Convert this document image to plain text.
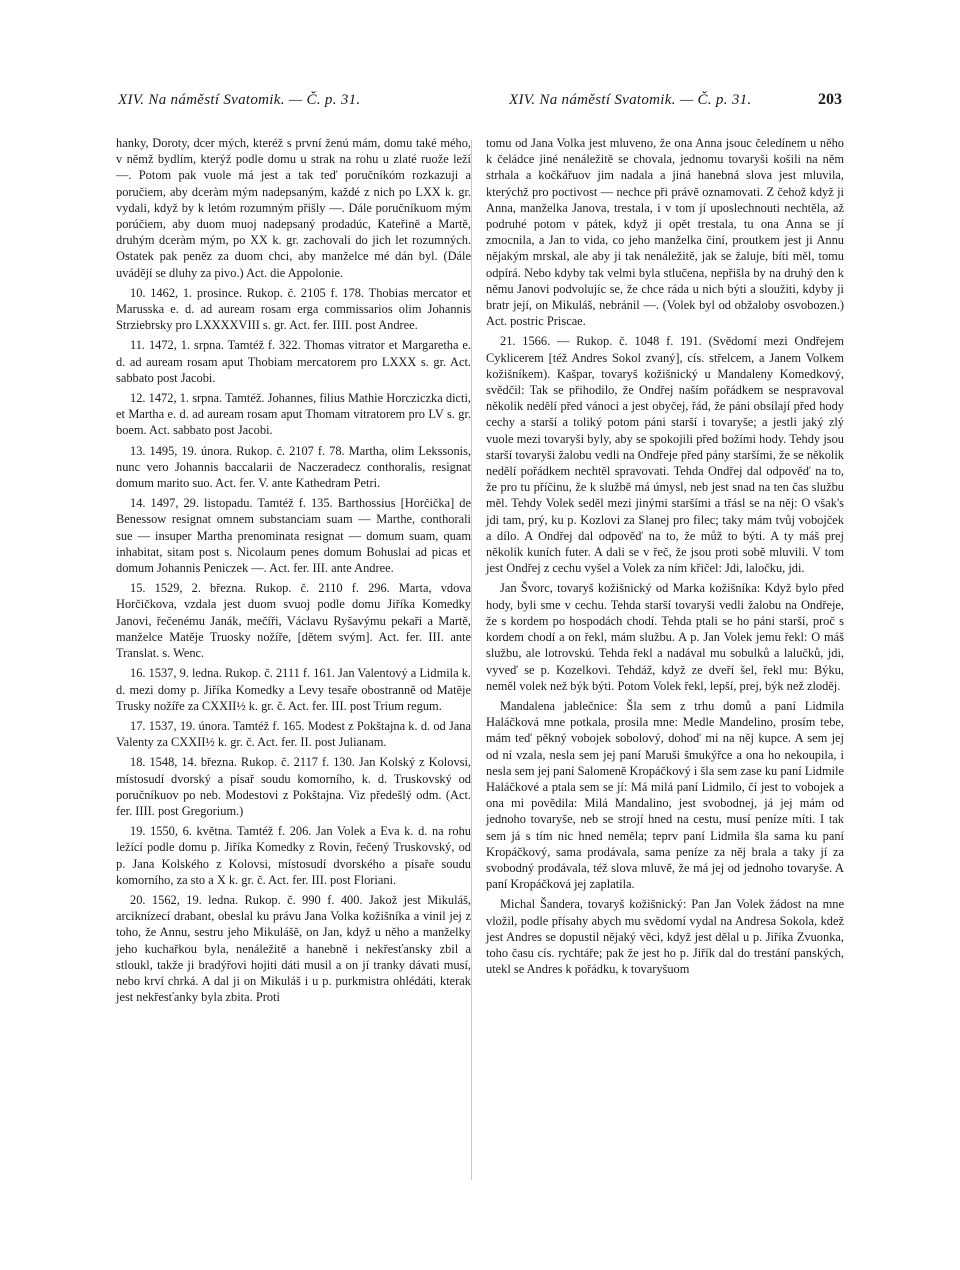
XIV. Na náměstí Svatomik. — Č. p. 31.	XIV. Na náměstí Svatomik. — Č. p. 31.	203

hanky, Doroty, dcer mých, kteréž s první ženú mám, domu také mého, v němž bydlím, kterýž podle domu u strak na rohu u zlaté ruože leží —. Potom pak vuole má jest a tak teď poručníkóm rozkazuji a poručiem, aby dceràm mým nadepsaným, každé z nich po LXX k. gr. vydali, když by k letóm rozumným přišly —. Dále poručníkuom mým porúčiem, aby duom muoj nadepsaný prodadúc, Kateřině a Martě, druhým dceràm mým, po XX k. gr. zachovali do jich let rozumných. Ostatek pak peněz za duom chci, aby manželce mé dán byl. (Dále uvádějí se dluhy za pivo.) Act. die Appolonie.

10. 1462, 1. prosince. Rukop. č. 2105 f. 178. Thobias mercator et Marusska e. d. ad auream rosam erga commissarios olim Johannis Strziebrsky pro LXXXXVIII s. gr. Act. fer. IIII. post Andree.

11. 1472, 1. srpna. Tamtéž f. 322. Thomas vitrator et Margaretha e. d. ad auream rosam aput Thobiam mercatorem pro LXXX s. gr. Act. sabbato post Jacobi.

12. 1472, 1. srpna. Tamtéž. Johannes, filius Mathie Horcziczka dicti, et Martha e. d. ad auream rosam aput Thomam vitratorem pro LV s. gr. boem. Act. sabbato post Jacobi.

13. 1495, 19. února. Rukop. č. 2107 f. 78. Martha, olim Lekssonis, nunc vero Johannis baccalarii de Naczeradecz conthoralis, resignat domum marito suo. Act. fer. V. ante Kathedram Petri.

14. 1497, 29. listopadu. Tamtéž f. 135. Barthossius [Horčička] de Benessow resignat omnem substanciam suam — Marthe, conthorali sue — insuper Martha prenominata resignat — domum suam, quam inhabitat, sitam post s. Nicolaum penes domum Bohuslai ad picas et domum Johannis Peniczek —. Act. fer. III. ante Andree.

15. 1529, 2. března. Rukop. č. 2110 f. 296. Marta, vdova Horčičkova, vzdala jest duom svuoj podle domu Jiříka Komedky Janovi, řečenému Janák, mečíři, Václavu Ryšavýmu pekaři a Martě, manželce Matěje Truosky nožíře, [dětem svým]. Act. fer. III. ante Translat. s. Wenc.

16. 1537, 9. ledna. Rukop. č. 2111 f. 161. Jan Valentový a Lidmila k. d. mezi domy p. Jiříka Komedky a Levy tesaře obostranně od Matěje Trusky nožíře za CXXII½ k. gr. č. Act. fer. III. post Trium regum.

17. 1537, 19. února. Tamtéž f. 165. Modest z Pokštajna k. d. od Jana Valenty za CXXII½ k. gr. č. Act. fer. II. post Julianam.

18. 1548, 14. března. Rukop. č. 2117 f. 130. Jan Kolský z Kolovsi, místosudí dvorský a písař soudu komorního, k. d. Truskovský od poručníkuov po neb. Modestovi z Pokštajna. Viz předešlý odm. (Act. fer. IIII. post Gregorium.)

19. 1550, 6. května. Tamtéž f. 206. Jan Volek a Eva k. d. na rohu ležící podle domu p. Jiříka Komedky z Rovin, řečený Truskovský, od p. Jana Kolského z Kolovsi, místosudí dvorského a písaře soudu komorního, za sto a X k. gr. č. Act. fer. III. post Floriani.

20. 1562, 19. ledna. Rukop. č. 990 f. 400. Jakož jest Mikuláš, arciknízecí drabant, obeslal ku právu Jana Volka kožišníka a vinil jej z toho, že Annu, sestru jeho Mikulášě, on Jan, když u něho a manželky jeho kuchařkou byla, nenáležitě a hanebně i nekřesťansky zbil a stloukl, takže ji bradýřovi hojiti dáti musil a on jí tranky dávati musí, nebo krví chrká. A dal ji on Mikuláš i u p. purkmistra ohlédáti, kterak jest nekřesťanky byla zbita. Proti

tomu od Jana Volka jest mluveno, že ona Anna jsouc čeledínem u něho k čeládce jiné nenáležitě se chovala, jednomu tovaryši košili na něm strhala a kočkářuov jim nadala a jiná hanebná slova jest mluvila, kterýchž pro poctivost — nechce při právě oznamovati. Z čehož když ji Anna, manželka Janova, trestala, i v tom jí uposlechnouti nechtěla, až podruhé potom v pátek, když ji opět trestala, tu ona Anna se jí zmocnila, a Jan to vida, co jeho manželka činí, proutkem jest ji Annu nějakým mrskal, ale aby ji tak nenáležitě, jak se žaluje, bíti měl, tomu odpírá. Nebo kdyby tak velmi byla stlučena, nepřišla by na druhý den k němu Janovi podvolujíc se, že chce ráda u nich býti a sloužiti, kdyby ji bratr její, on Mikuláš, nebránil —. (Volek byl od obžaloby osvobozen.) Act. postric Priscae.

21. 1566. — Rukop. č. 1048 f. 191. (Svědomí mezi Ondřejem Cyklicerem [též Andres Sokol zvaný], cís. střelcem, a Janem Volkem kožišníkem). Kašpar, tovaryš kožišnický u Mandaleny Komedkový, svědčil: Tak se přihodilo, že Ondřej naším pořádkem se nespravoval několik nedělí před vánoci a jest obyčej, řád, že páni obsílají před hody cechy a starší a toliký potom páni starší i tovaryše; a jestli jaký zlý vuole mezi tovaryši byly, aby se spokojili před božími hody. Tehdy jsou starší tovaryši žalobu vedli na Ondřeje před pány staršími, že se několik nedělí pořádkem nechtěl spravovati. Tehda Ondřej dal odpověď na to, že pro tu příčinu, že k službě má úmysl, neb jest snad na ten čas službu měl. Tehdy Volek seděl mezi jinými staršími a třásl se na něj: O však's jdi tam, prý, ku p. Kozlovi za Slanej pro filec; taky mám tvůj vobojček a dílo. A Ondřej dal odpověď na to, že můž to býti. A ty máš prej několik kuních futer. A dali se v řeč, že jsou proti sobě mluvili. V tom jest Ondřej z cechu vyšel a Volek za ním křičel: Jdi, laločku, jdi.

Jan Švorc, tovaryš kožišnický od Marka kožišníka: Když bylo před hody, byli sme v cechu. Tehda starší tovaryši vedli žalobu na Ondřeje, že s kordem po hospodách chodí. Tehda ptali se ho páni starší, proč s kordem chodí a on řekl, mám službu. A p. Jan Volek jemu řekl: O máš službu, ale lotrovskú. Tehda řekl a nadával mu sobulků a lalučků, jdi, vyveď se p. Kozelkovi. Tehdáž, když ze dveří šel, řekl mu: Býku, neměl volek než býk býti. Potom Volek řekl, lepší, prej, býk než zloděj.

Mandalena jablečnice: Šla sem z trhu domů a paní Lidmila Haláčková mne potkala, prosila mne: Medle Mandelino, prosím tebe, mám teď pěkný vobojek sobolový, dohoď mi na něj kupce. A sem jej od ní vzala, nesla sem jej paní Maruši šmukýřce a ona ho nekoupila, i nesla sem jej paní Salomeně Kropáčkový i šla sem zase ku paní Lidmile Haláčkové a ptala sem se jí: Má milá paní Lidmilo, čí jest to vobojek a ona mi povědila: Milá Mandalino, jest svobodnej, já jej mám od jednoho tovaryše, neb se strojí hned na cestu, musí peníze míti. I tak sem já s tím nic hned neměla; teprv paní Lidmila šla sama ku paní Kropáčkový, sama prodávala, sama peníze za něj brala a taky jí za svobodný prodávala, též slova mluvě, že má jej od jednoho tovaryše. A paní Kropáčková jej zaplatila.

Michal Šandera, tovaryš kožišnický: Pan Jan Volek žádost na mne vložil, podle přísahy abych mu svědomí vydal na Andresa Sokola, kdež jest Andres se dopustil nějaký věci, když jest dělal u p. Jiříka Zvuonka, toho času cís. rychtáře; pak že jest ho p. Jiřík dal do trestání panských, utekl se Andres k pořádku, k tovaryšuom
